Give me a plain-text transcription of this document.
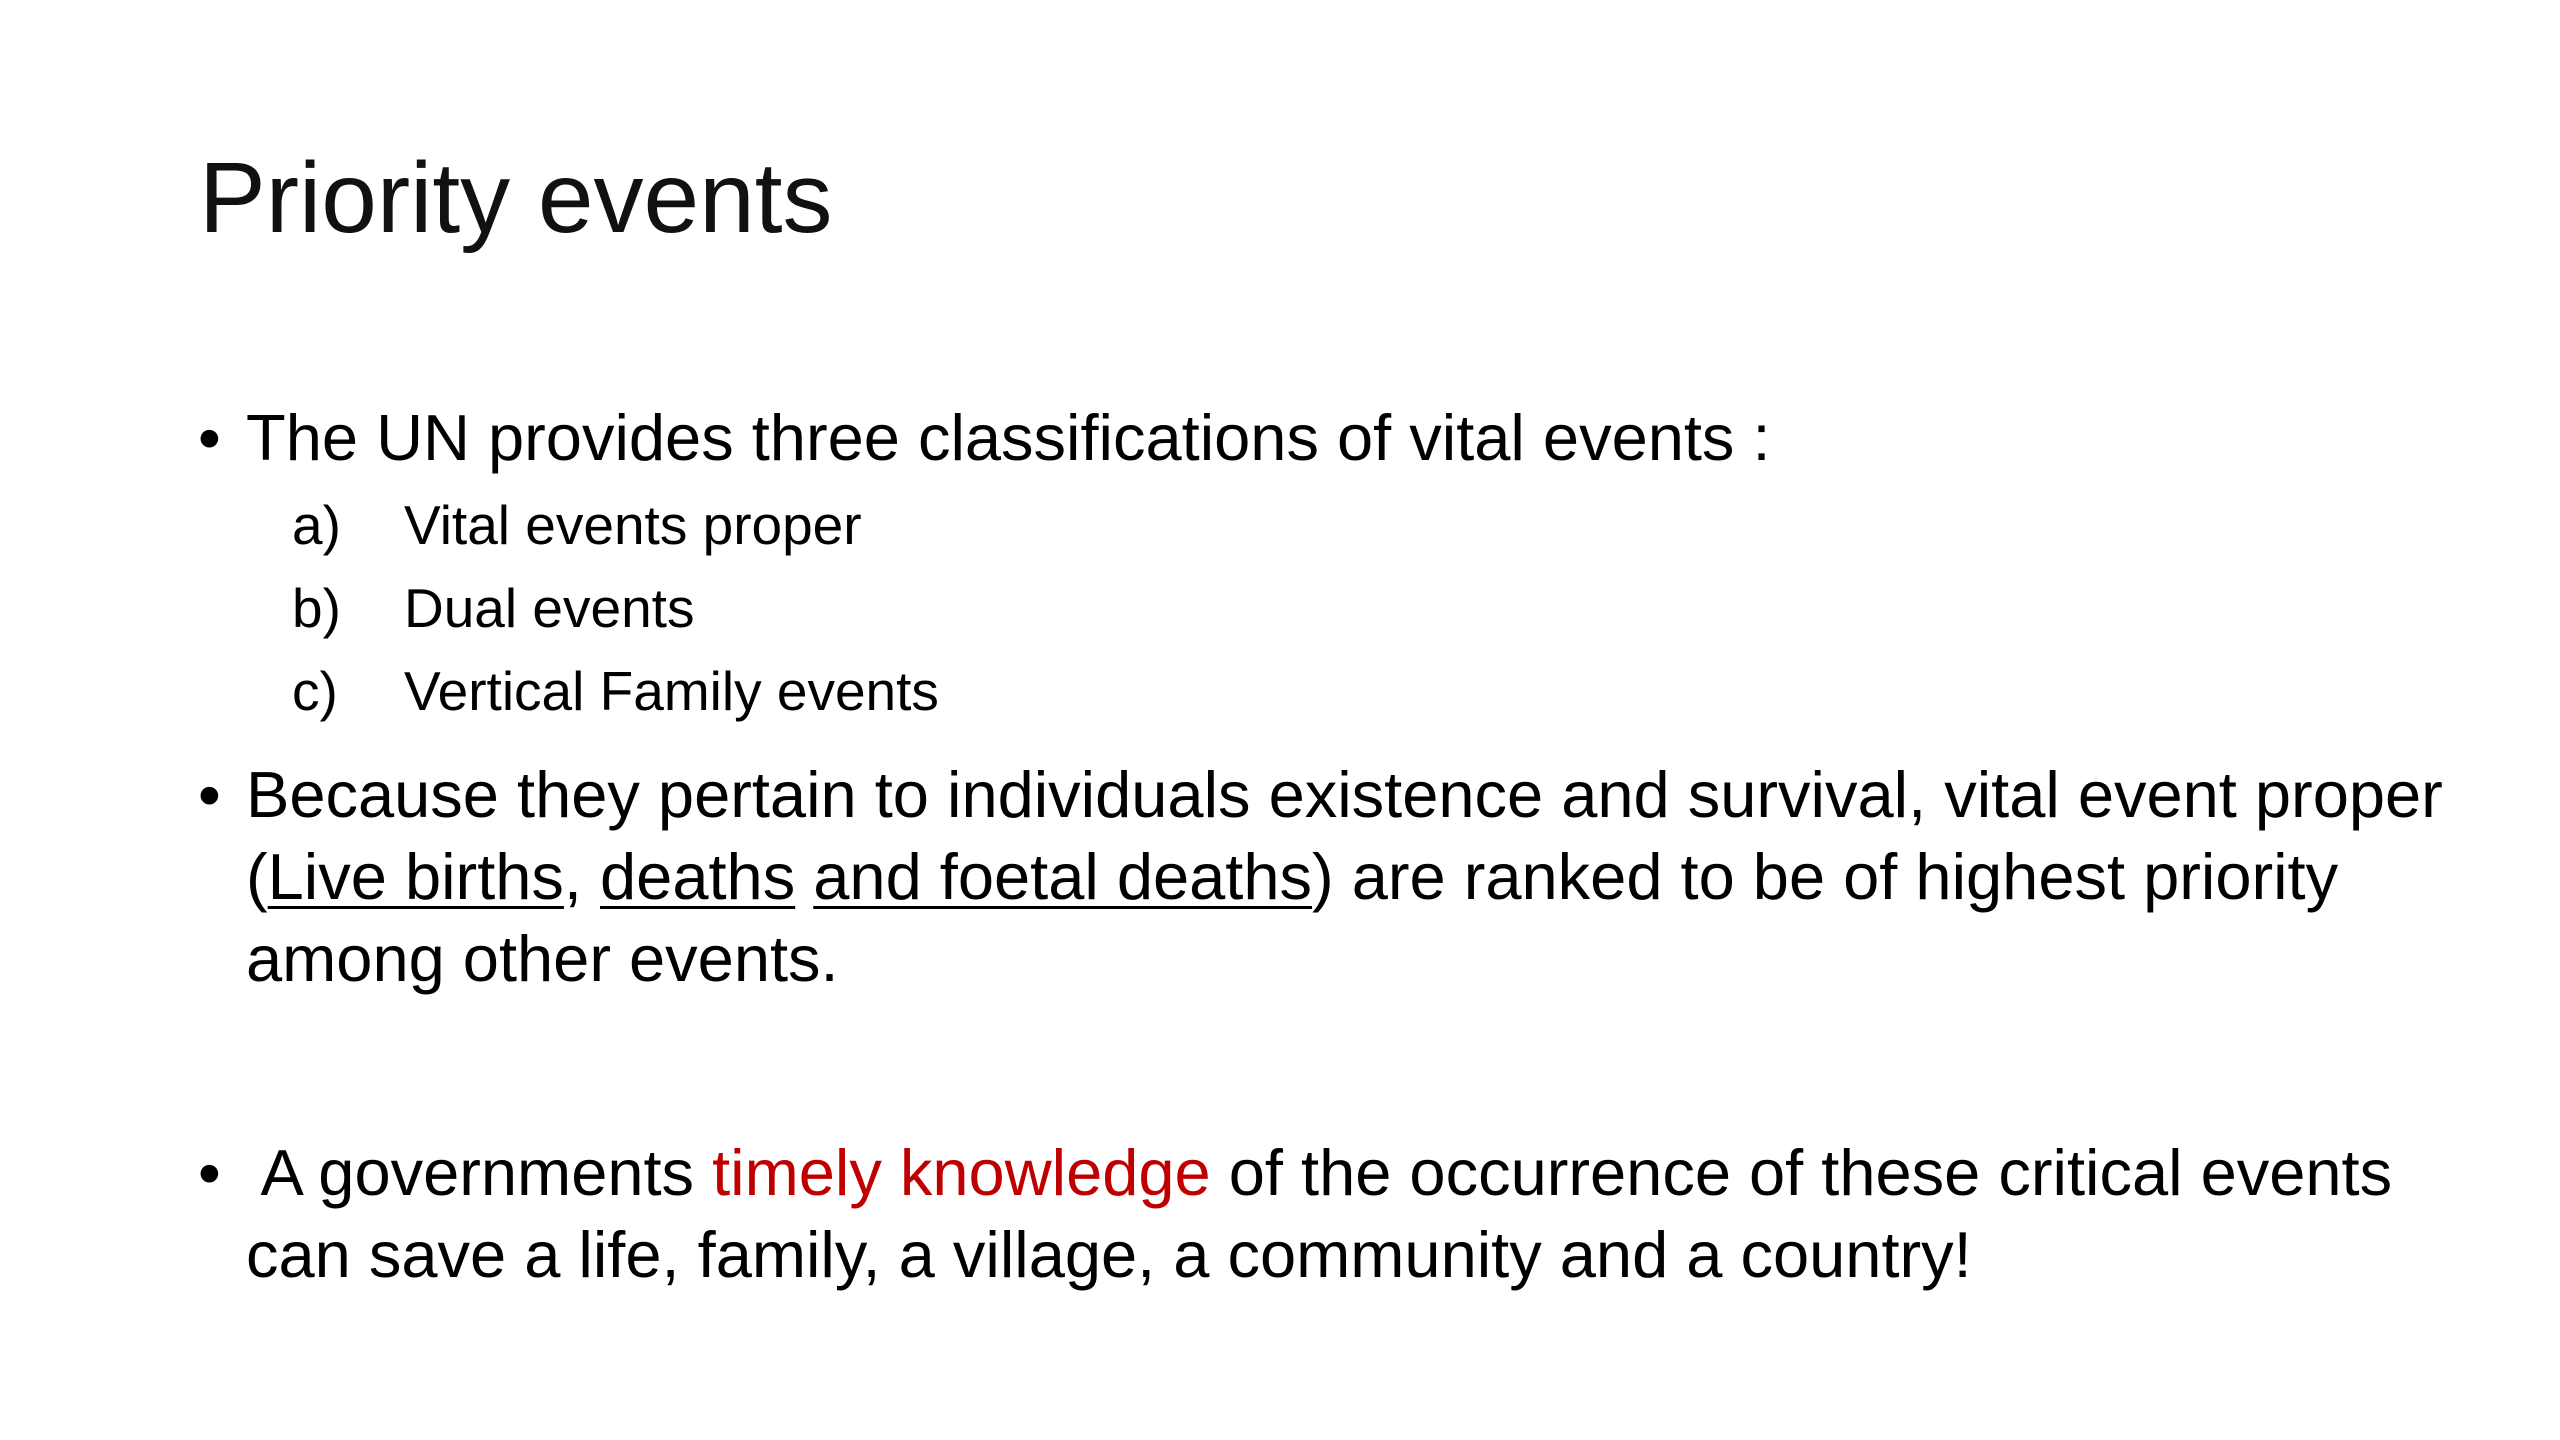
Priority events
• The UN provides three classifications of vital events :
a)	Vital events proper
b)	Dual events
c)	Vertical Family events
• Because they pertain to individuals existence and survival, vital event proper (Live births, deaths and foetal deaths) are ranked to be of highest priority among other events.
• A governments timely knowledge of the occurrence of these critical events can save a life, family, a village, a community and a country!
